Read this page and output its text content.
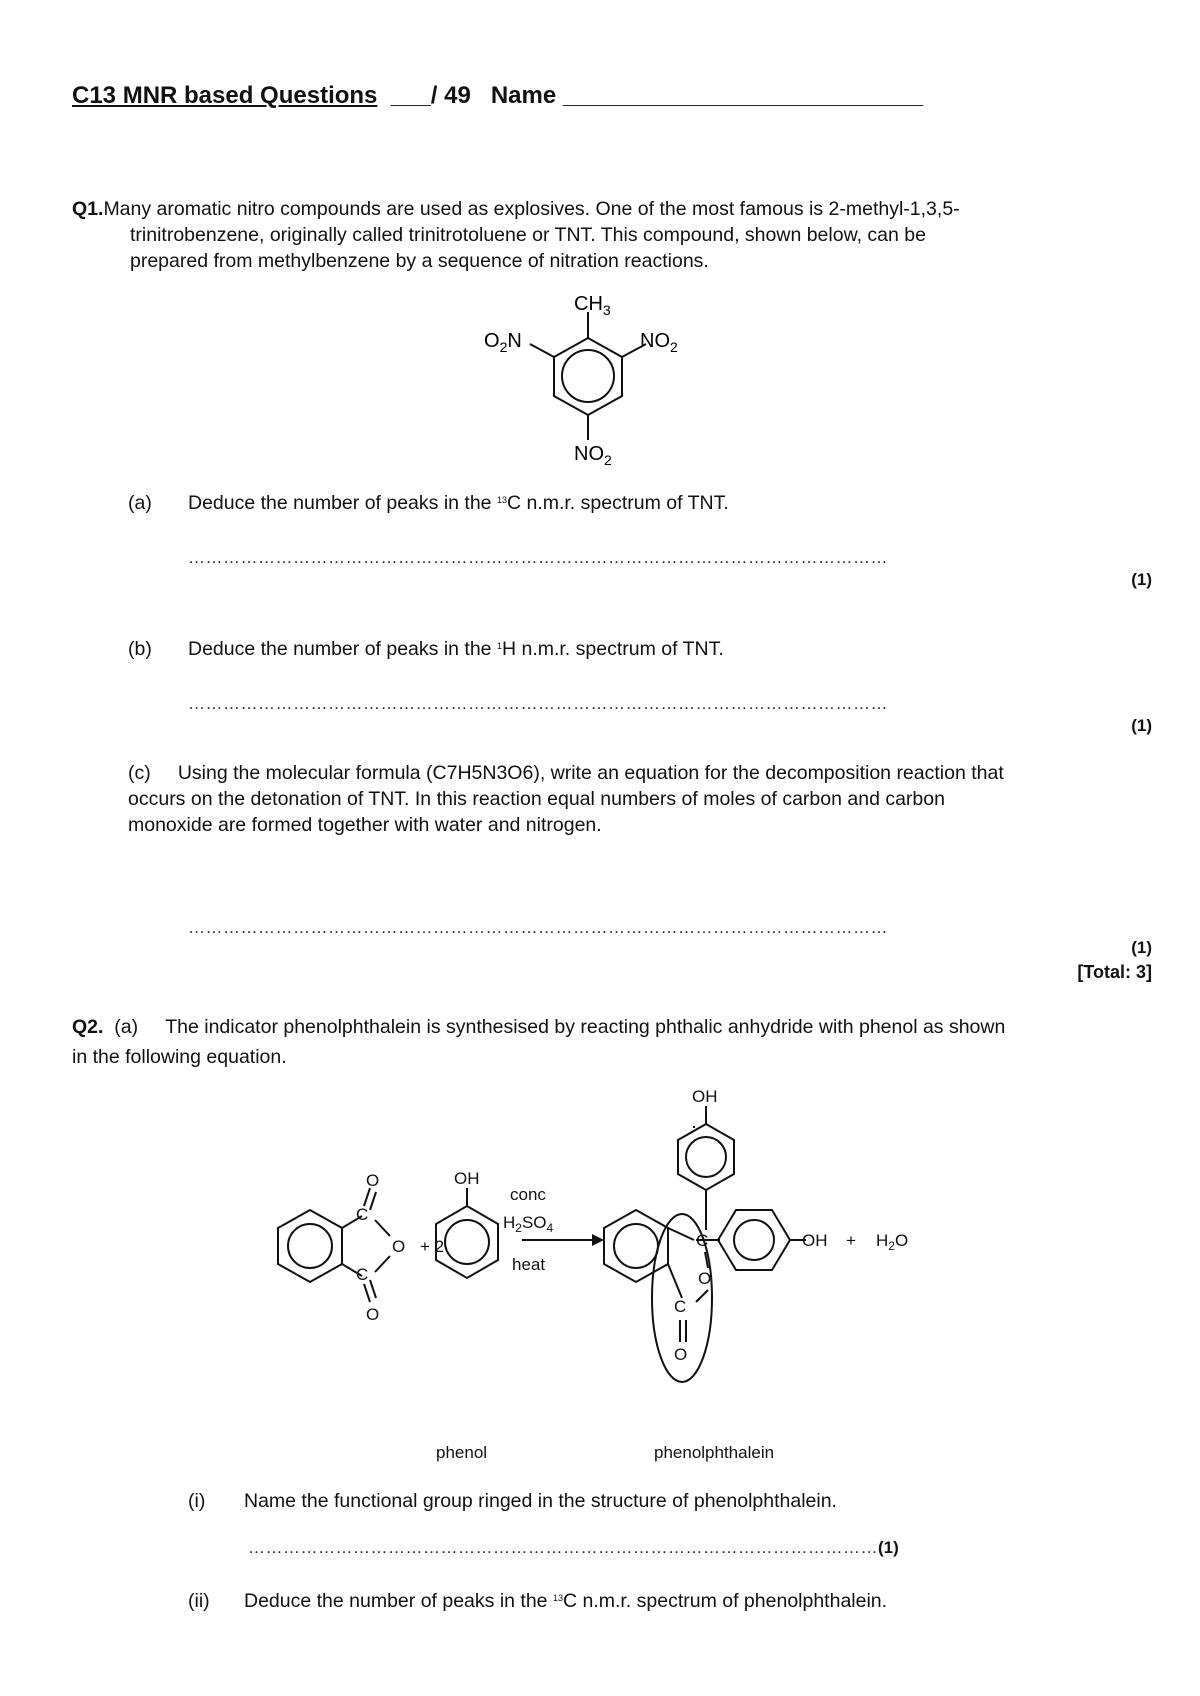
C13 MNR based Questions ___/ 49 Name ___________________________
Q1.Many aromatic nitro compounds are used as explosives. One of the most famous is 2-methyl-1,3,5-
trinitrobenzene, originally called trinitrotoluene or TNT. This compound, shown below, can be
prepared from methylbenzene by a sequence of nitration reactions.
$CH_3$
$O_2N$	$NO_2$
$NO_2$
(a) Deduce the number of peaks in the $^{13}$C n.m.r. spectrum of TNT.
…………………………………………………………………………………………………………
(1)
(b) Deduce the number of peaks in the $^1$H n.m.r. spectrum of TNT.
…………………………………………………………………………………………………………
(1)
(c) Using the molecular formula (C7H5N3O6), write an equation for the decomposition reaction that
occurs on the detonation of TNT. In this reaction equal numbers of moles of carbon and carbon
monoxide are formed together with water and nitrogen.
…………………………………………………………………………………………………………
(1)
[Total: 3]
Q2. (a) The indicator phenolphthalein is synthesised by reacting phthalic anhydride with phenol as shown
in the following equation.
O
C
O
C
O
+ 2
OH
conc
$H_2SO_4$
heat
OH
C
O
C
O
OH + $H_2O$
phenol	phenolphthalein
(i) Name the functional group ringed in the structure of phenolphthalein.
………………………………………………………………………………………………(1)
(ii) Deduce the number of peaks in the $^{13}$C n.m.r. spectrum of phenolphthalein.
